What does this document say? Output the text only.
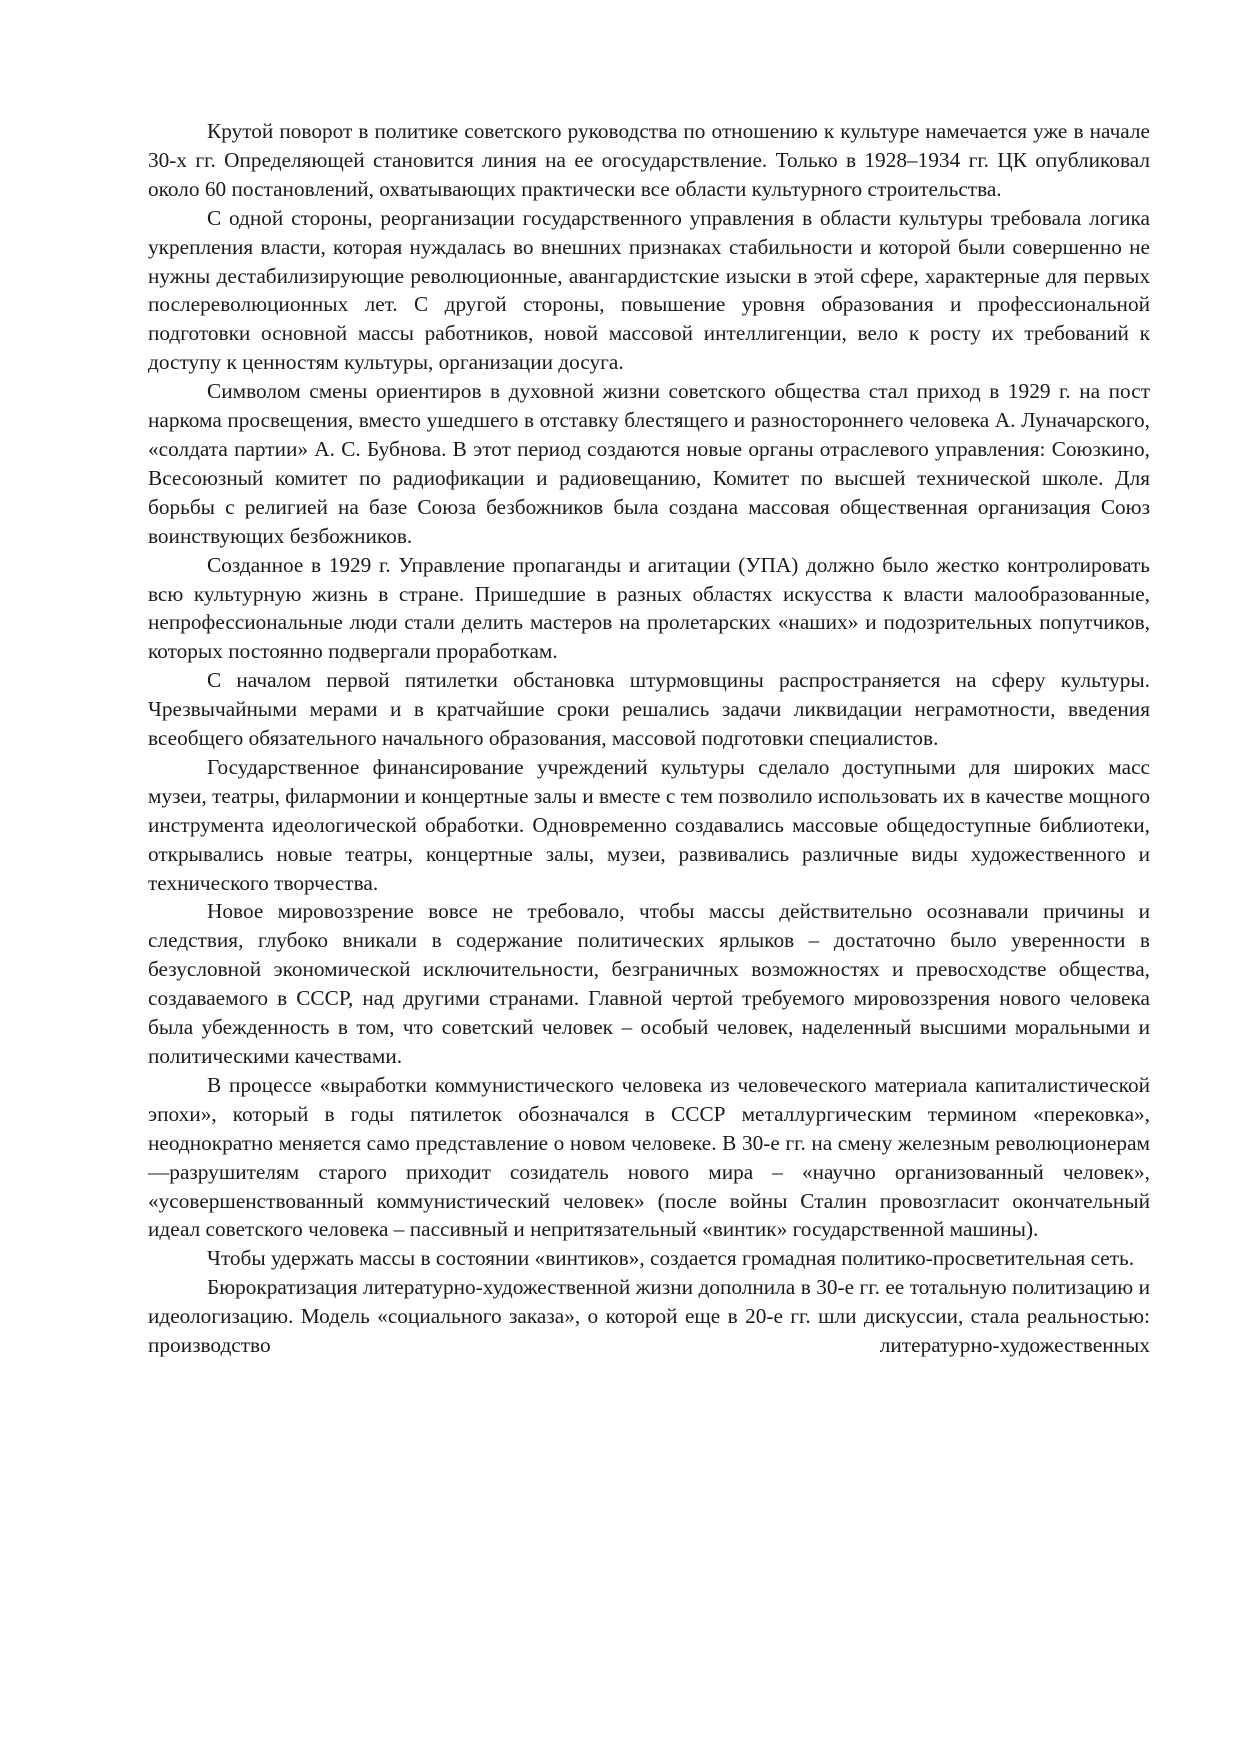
Крутой поворот в политике советского руководства по отношению к культуре намечается уже в начале 30-х гг. Определяющей становится линия на ее огосударствление. Только в 1928–1934 гг. ЦК опубликовал около 60 постановлений, охватывающих практически все области культурного строительства.

С одной стороны, реорганизации государственного управления в области культуры требовала логика укрепления власти, которая нуждалась во внешних признаках стабильности и которой были совершенно не нужны дестабилизирующие революционные, авангардистские изыски в этой сфере, характерные для первых послереволюционных лет. С другой стороны, повышение уровня образования и профессиональной подготовки основной массы работников, новой массовой интеллигенции, вело к росту их требований к доступу к ценностям культуры, организации досуга.

Символом смены ориентиров в духовной жизни советского общества стал приход в 1929 г. на пост наркома просвещения, вместо ушедшего в отставку блестящего и разностороннего человека А. Луначарского, «солдата партии» А. С. Бубнова. В этот период создаются новые органы отраслевого управления: Союзкино, Всесоюзный комитет по радиофикации и радиовещанию, Комитет по высшей технической школе. Для борьбы с религией на базе Союза безбожников была создана массовая общественная организация Союз воинствующих безбожников.

Созданное в 1929 г. Управление пропаганды и агитации (УПА) должно было жестко контролировать всю культурную жизнь в стране. Пришедшие в разных областях искусства к власти малообразованные, непрофессиональные люди стали делить мастеров на пролетарских «наших» и подозрительных попутчиков, которых постоянно подвергали проработкам.

С началом первой пятилетки обстановка штурмовщины распространяется на сферу культуры. Чрезвычайными мерами и в кратчайшие сроки решались задачи ликвидации неграмотности, введения всеобщего обязательного начального образования, массовой подготовки специалистов.

Государственное финансирование учреждений культуры сделало доступными для широких масс музеи, театры, филармонии и концертные залы и вместе с тем позволило использовать их в качестве мощного инструмента идеологической обработки. Одновременно создавались массовые общедоступные библиотеки, открывались новые театры, концертные залы, музеи, развивались различные виды художественного и технического творчества.

Новое мировоззрение вовсе не требовало, чтобы массы действительно осознавали причины и следствия, глубоко вникали в содержание политических ярлыков – достаточно было уверенности в безусловной экономической исключительности, безграничных возможностях и превосходстве общества, создаваемого в СССР, над другими странами. Главной чертой требуемого мировоззрения нового человека была убежденность в том, что советский человек – особый человек, наделенный высшими моральными и политическими качествами.

В процессе «выработки коммунистического человека из человеческого материала капиталистической эпохи», который в годы пятилеток обозначался в СССР металлургическим термином «перековка», неоднократно меняется само представление о новом человеке. В 30-е гг. на смену железным революционерам—разрушителям старого приходит созидатель нового мира – «научно организованный человек», «усовершенствованный коммунистический человек» (после войны Сталин провозгласит окончательный идеал советского человека – пассивный и непритязательный «винтик» государственной машины).

Чтобы удержать массы в состоянии «винтиков», создается громадная политико-просветительная сеть.

Бюрократизация литературно-художественной жизни дополнила в 30-е гг. ее тотальную политизацию и идеологизацию. Модель «социального заказа», о которой еще в 20-е гг. шли дискуссии, стала реальностью: производство литературно-художественных
